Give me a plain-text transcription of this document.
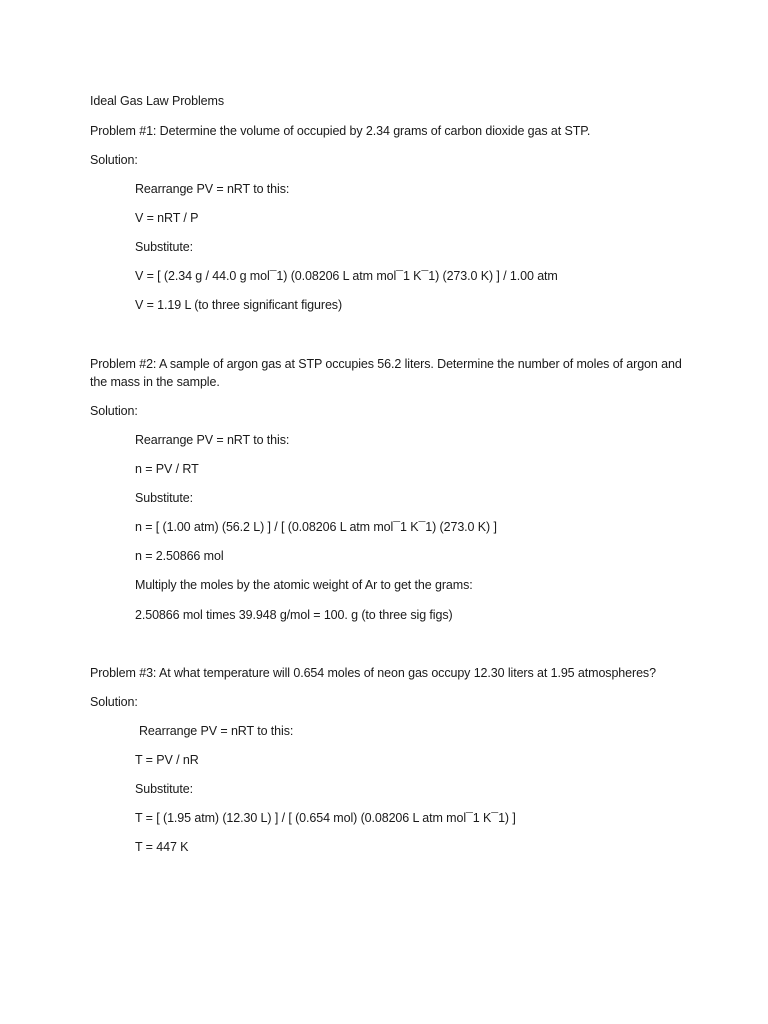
Ideal Gas Law Problems
Problem #1: Determine the volume of occupied by 2.34 grams of carbon dioxide gas at STP.
Solution:
Rearrange PV = nRT to this:
V = nRT / P
Substitute:
V = [ (2.34 g / 44.0 g mol¯1) (0.08206 L atm mol¯1 K¯1) (273.0 K) ] / 1.00 atm
V = 1.19 L (to three significant figures)
Problem #2: A sample of argon gas at STP occupies 56.2 liters. Determine the number of moles of argon and the mass in the sample.
Solution:
Rearrange PV = nRT to this:
n = PV / RT
Substitute:
n = [ (1.00 atm) (56.2 L) ] / [ (0.08206 L atm mol¯1 K¯1) (273.0 K) ]
n = 2.50866 mol
Multiply the moles by the atomic weight of Ar to get the grams:
2.50866 mol times 39.948 g/mol = 100. g (to three sig figs)
Problem #3: At what temperature will 0.654 moles of neon gas occupy 12.30 liters at 1.95 atmospheres?
Solution:
Rearrange PV = nRT to this:
T = PV / nR
Substitute:
T = [ (1.95 atm) (12.30 L) ] / [ (0.654 mol) (0.08206 L atm mol¯1 K¯1) ]
T = 447 K
